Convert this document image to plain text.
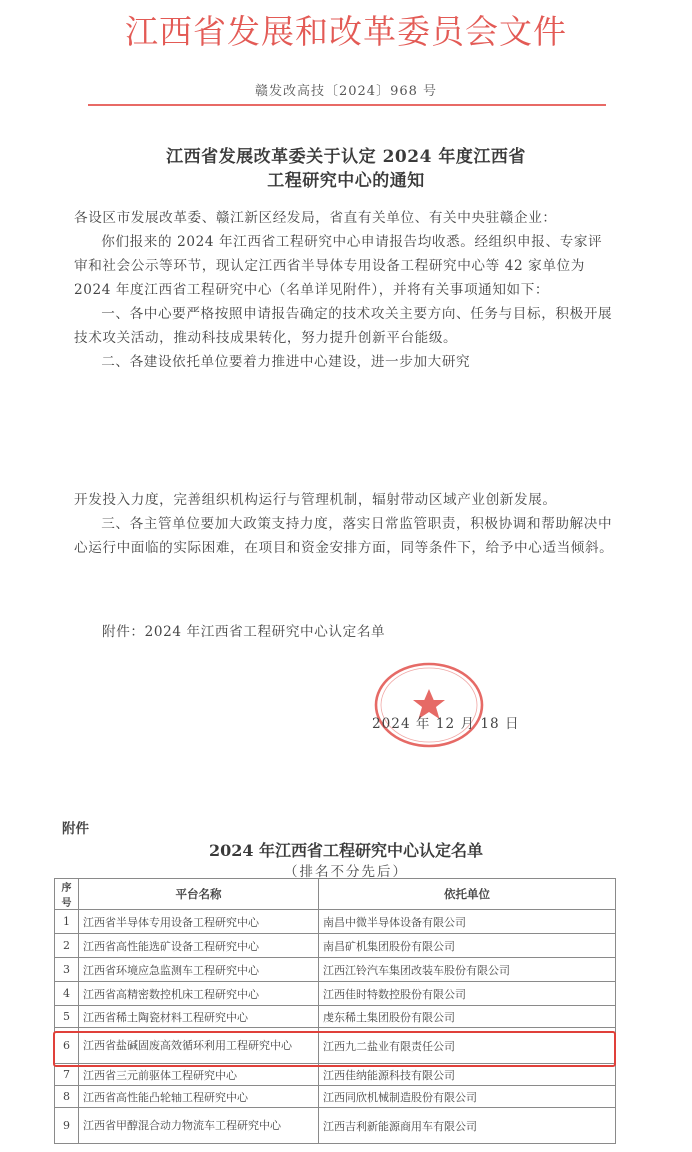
江西省发展和改革委员会文件
赣发改高技〔2024〕968 号
江西省发展改革委关于认定 2024 年度江西省
工程研究中心的通知

各设区市发展改革委、赣江新区经发局，省直有关单位、有关中央驻赣企业：

你们报来的 2024 年江西省工程研究中心申请报告均收悉。经组织申报、专家评审和社会公示等环节，现认定江西省半导体专用设备工程研究中心等 42 家单位为 2024 年度江西省工程研究中心（名单详见附件），并将有关事项通知如下：

一、各中心要严格按照申请报告确定的技术攻关主要方向、任务与目标，积极开展技术攻关活动，推动科技成果转化，努力提升创新平台能级。

二、各建设依托单位要着力推进中心建设，进一步加大研究

开发投入力度，完善组织机构运行与管理机制，辐射带动区域产业创新发展。

三、各主管单位要加大政策支持力度，落实日常监管职责，积极协调和帮助解决中心运行中面临的实际困难，在项目和资金安排方面，同等条件下，给予中心适当倾斜。

附件：2024 年江西省工程研究中心认定名单
2024 年 12 月 18 日
附件
2024 年江西省工程研究中心认定名单
（排名不分先后）
序号	平台名称	依托单位
1	江西省半导体专用设备工程研究中心	南昌中微半导体设备有限公司
2	江西省高性能选矿设备工程研究中心	南昌矿机集团股份有限公司
3	江西省环境应急监测车工程研究中心	江西江铃汽车集团改装车股份有限公司
4	江西省高精密数控机床工程研究中心	江西佳时特数控股份有限公司
5	江西省稀土陶瓷材料工程研究中心	虔东稀土集团股份有限公司
6	江西省盐碱固废高效循环利用工程研究中心	江西九二盐业有限责任公司
7	江西省三元前驱体工程研究中心	江西佳纳能源科技有限公司
8	江西省高性能凸轮轴工程研究中心	江西同欣机械制造股份有限公司
9	江西省甲醇混合动力物流车工程研究中心	江西吉利新能源商用车有限公司
